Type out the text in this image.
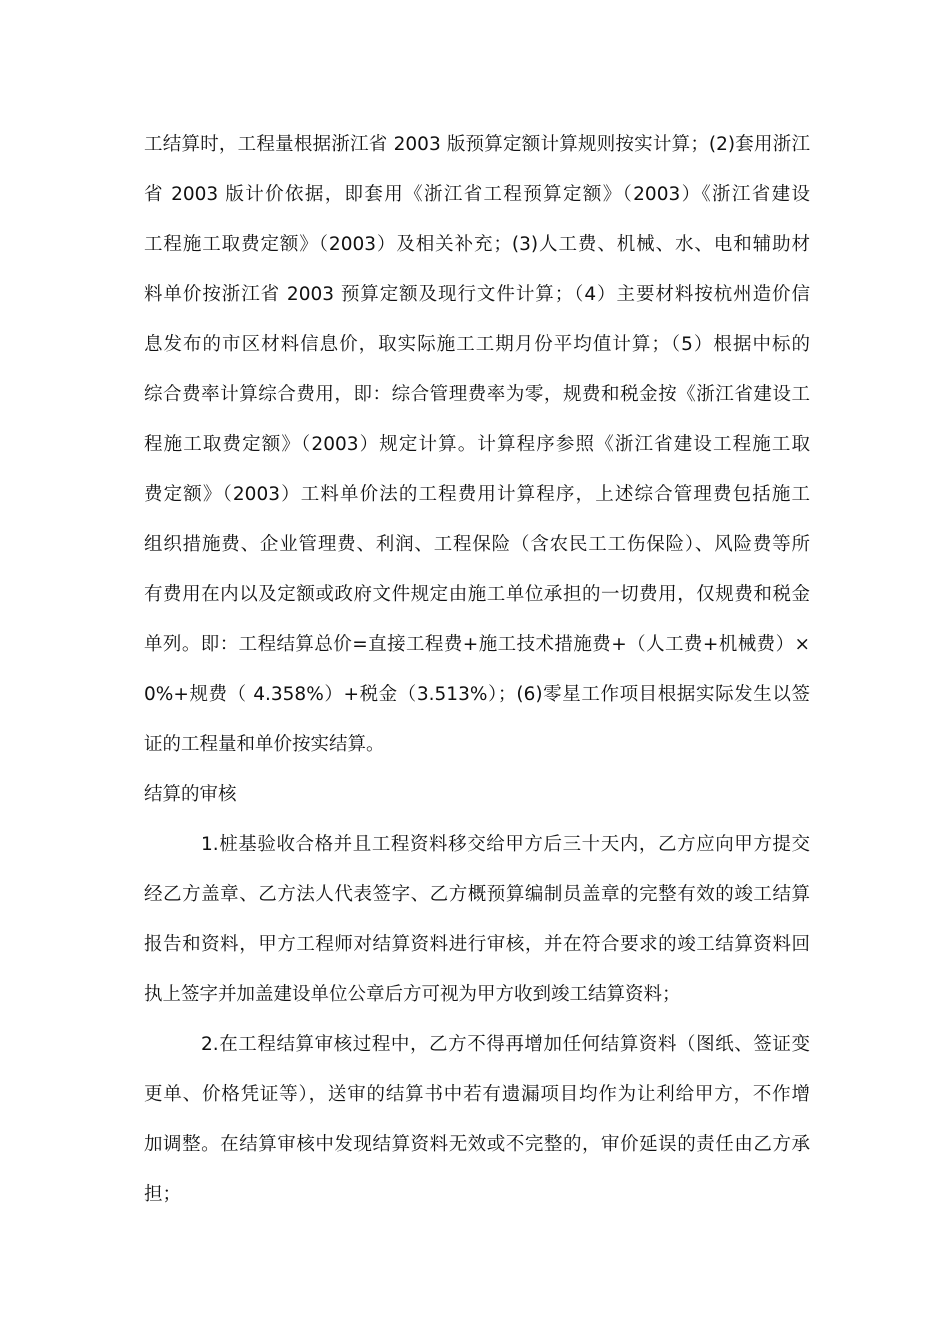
工结算时，工程量根据浙江省 2003 版预算定额计算规则按实计算；(2)套用浙江
省 2003 版计价依据，即套用《浙江省工程预算定额》（2003）《浙江省建设
工程施工取费定额》（2003）及相关补充；(3)人工费、机械、水、电和辅助材
料单价按浙江省 2003 预算定额及现行文件计算；（4）主要材料按杭州造价信
息发布的市区材料信息价，取实际施工工期月份平均值计算；（5）根据中标的
综合费率计算综合费用，即：综合管理费率为零，规费和税金按《浙江省建设工
程施工取费定额》（2003）规定计算。计算程序参照《浙江省建设工程施工取
费定额》（2003）工料单价法的工程费用计算程序，上述综合管理费包括施工
组织措施费、企业管理费、利润、工程保险（含农民工工伤保险）、风险费等所
有费用在内以及定额或政府文件规定由施工单位承担的一切费用，仅规费和税金
单列。即：工程结算总价=直接工程费+施工技术措施费+（人工费+机械费）×
0%+规费（ 4.358%）+税金（3.513%）；(6)零星工作项目根据实际发生以签
证的工程量和单价按实结算。
结算的审核
1.桩基验收合格并且工程资料移交给甲方后三十天内，乙方应向甲方提交
经乙方盖章、乙方法人代表签字、乙方概预算编制员盖章的完整有效的竣工结算
报告和资料，甲方工程师对结算资料进行审核，并在符合要求的竣工结算资料回
执上签字并加盖建设单位公章后方可视为甲方收到竣工结算资料；
2.在工程结算审核过程中，乙方不得再增加任何结算资料（图纸、签证变
更单、价格凭证等），送审的结算书中若有遗漏项目均作为让利给甲方，不作增
加调整。在结算审核中发现结算资料无效或不完整的，审价延误的责任由乙方承
担；
